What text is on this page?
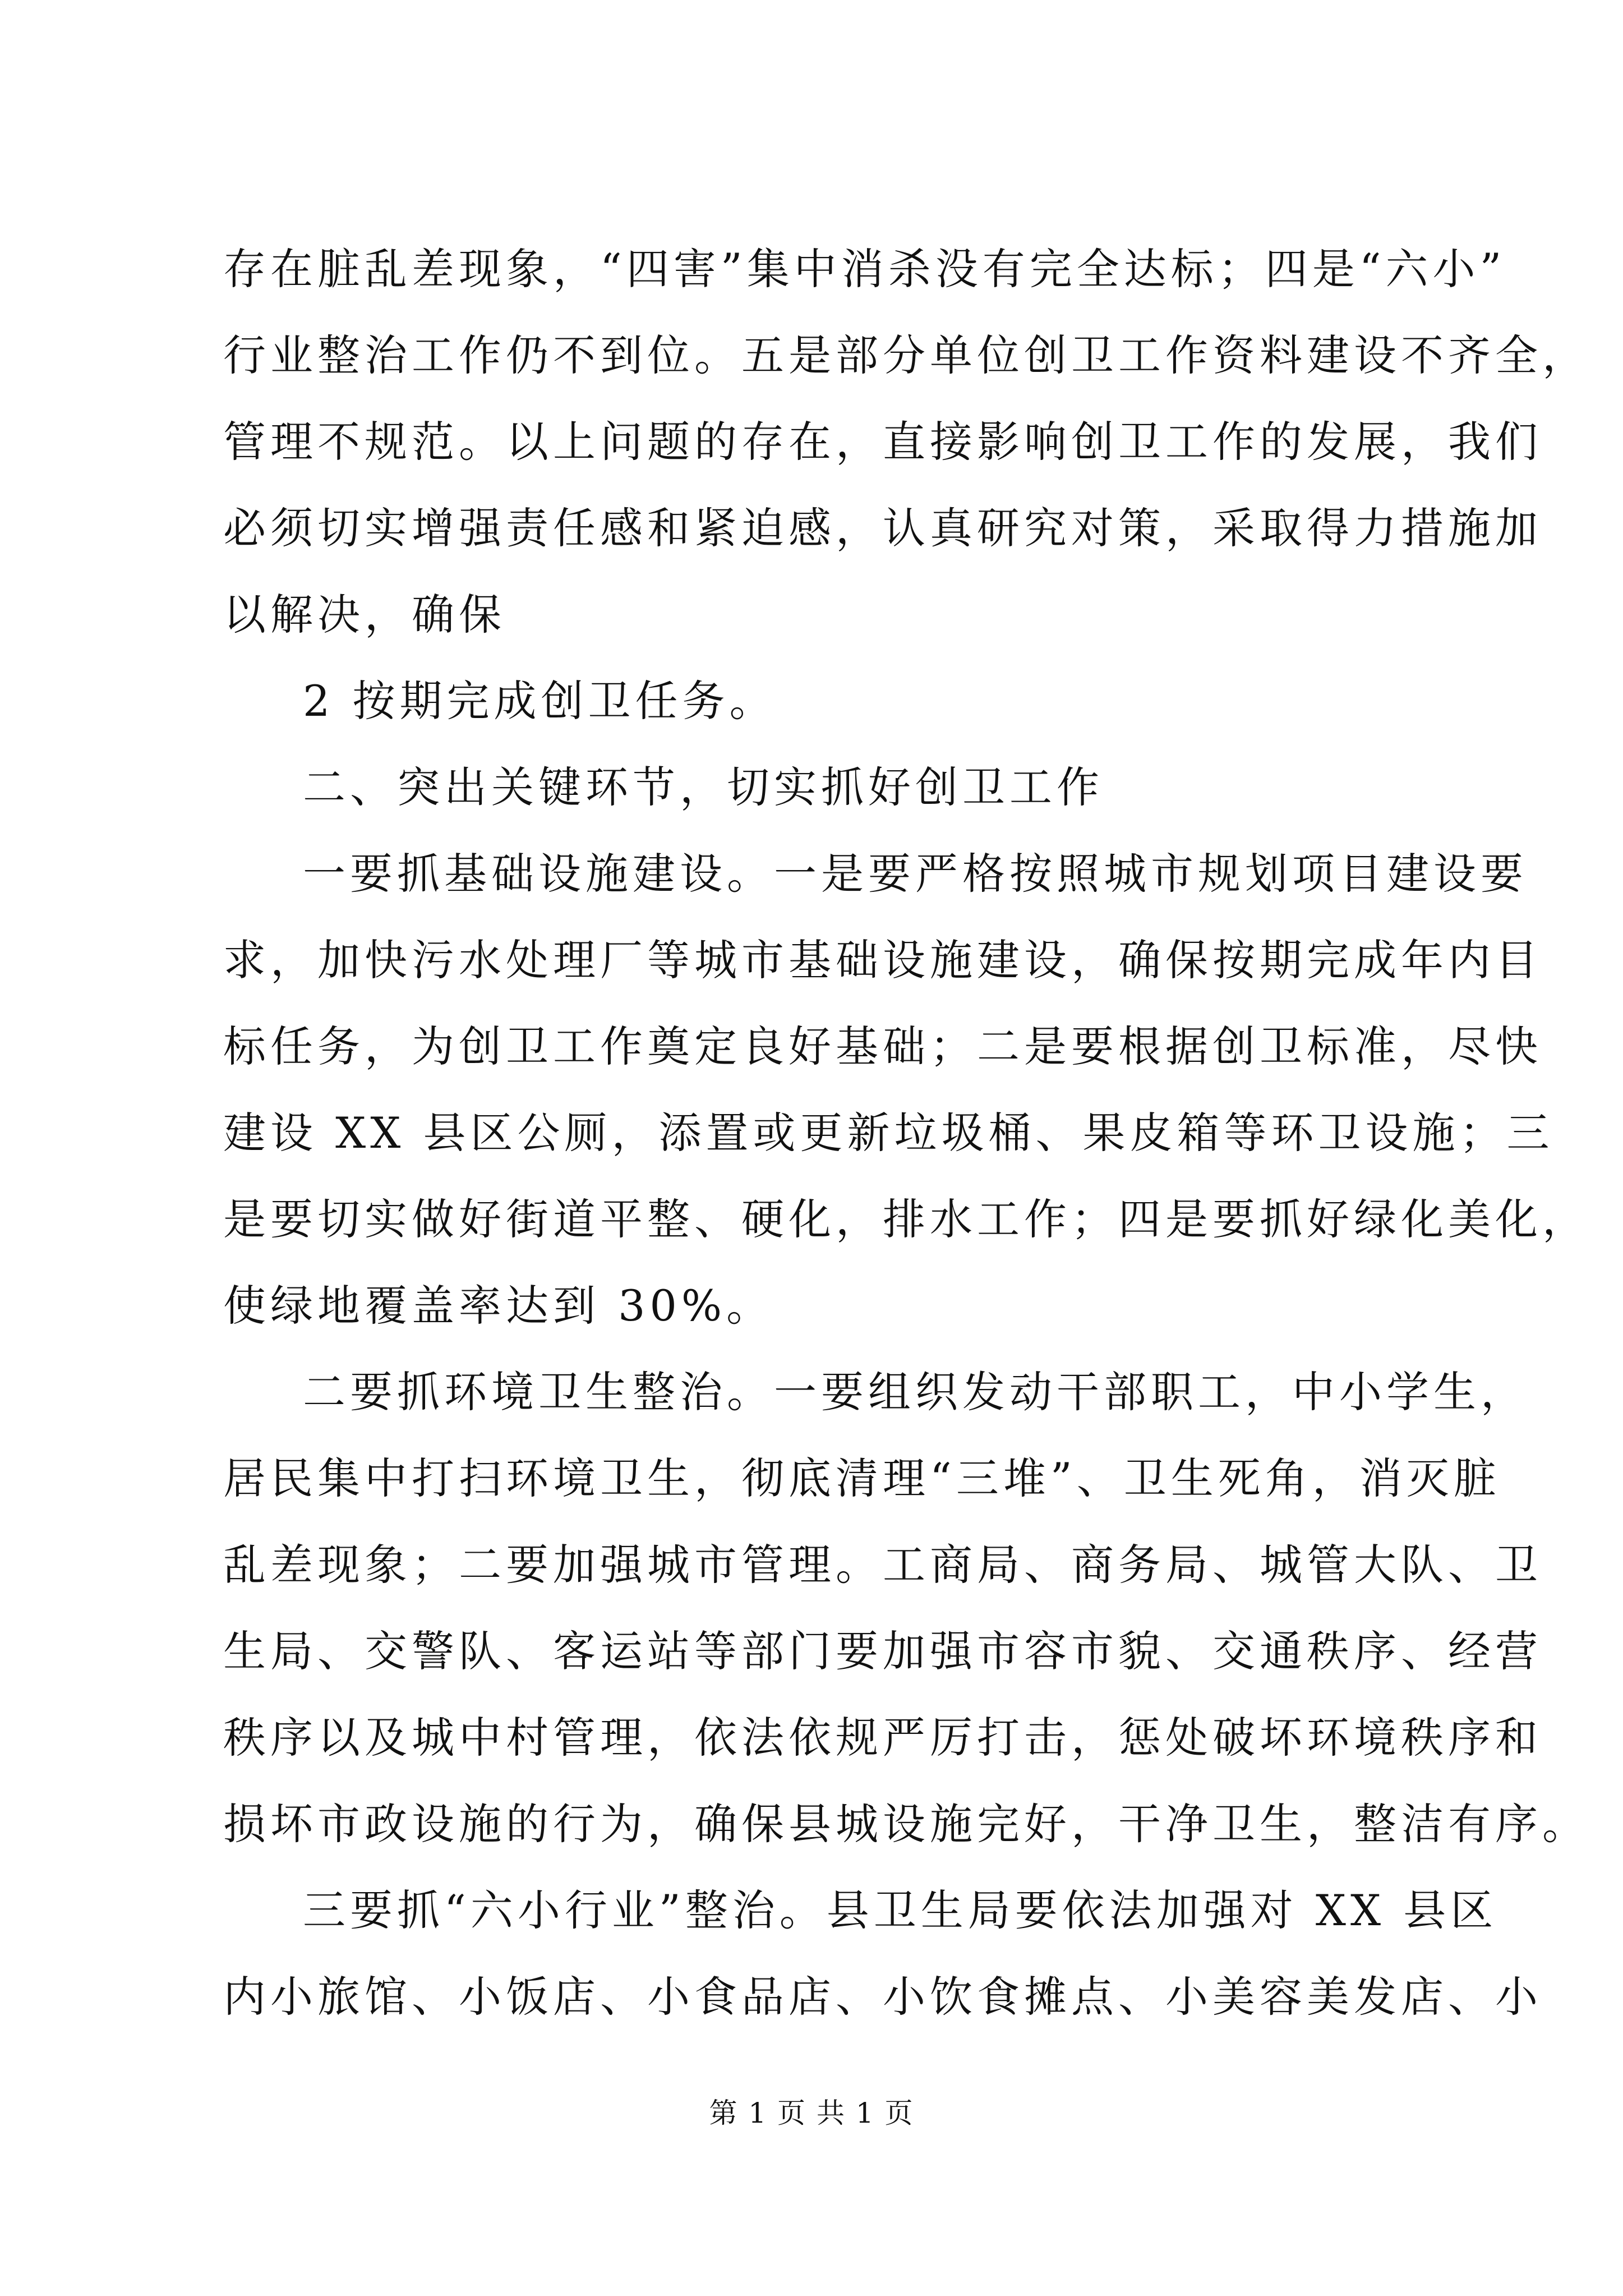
存在脏乱差现象，“四害”集中消杀没有完全达标；四是“六小”
行业整治工作仍不到位。五是部分单位创卫工作资料建设不齐全，
管理不规范。以上问题的存在，直接影响创卫工作的发展，我们
必须切实增强责任感和紧迫感，认真研究对策，采取得力措施加
以解决，确保
2 按期完成创卫任务。
二、突出关键环节，切实抓好创卫工作
一要抓基础设施建设。一是要严格按照城市规划项目建设要
求，加快污水处理厂等城市基础设施建设，确保按期完成年内目
标任务，为创卫工作奠定良好基础；二是要根据创卫标准，尽快
建设 XX 县区公厕，添置或更新垃圾桶、果皮箱等环卫设施；三
是要切实做好街道平整、硬化，排水工作；四是要抓好绿化美化，
使绿地覆盖率达到 30%。
二要抓环境卫生整治。一要组织发动干部职工，中小学生，
居民集中打扫环境卫生，彻底清理“三堆”、卫生死角，消灭脏
乱差现象；二要加强城市管理。工商局、商务局、城管大队、卫
生局、交警队、客运站等部门要加强市容市貌、交通秩序、经营
秩序以及城中村管理，依法依规严厉打击，惩处破坏环境秩序和
损坏市政设施的行为，确保县城设施完好，干净卫生，整洁有序。
三要抓“六小行业”整治。县卫生局要依法加强对 XX 县区
内小旅馆、小饭店、小食品店、小饮食摊点、小美容美发店、小
第 1 页 共 1 页
